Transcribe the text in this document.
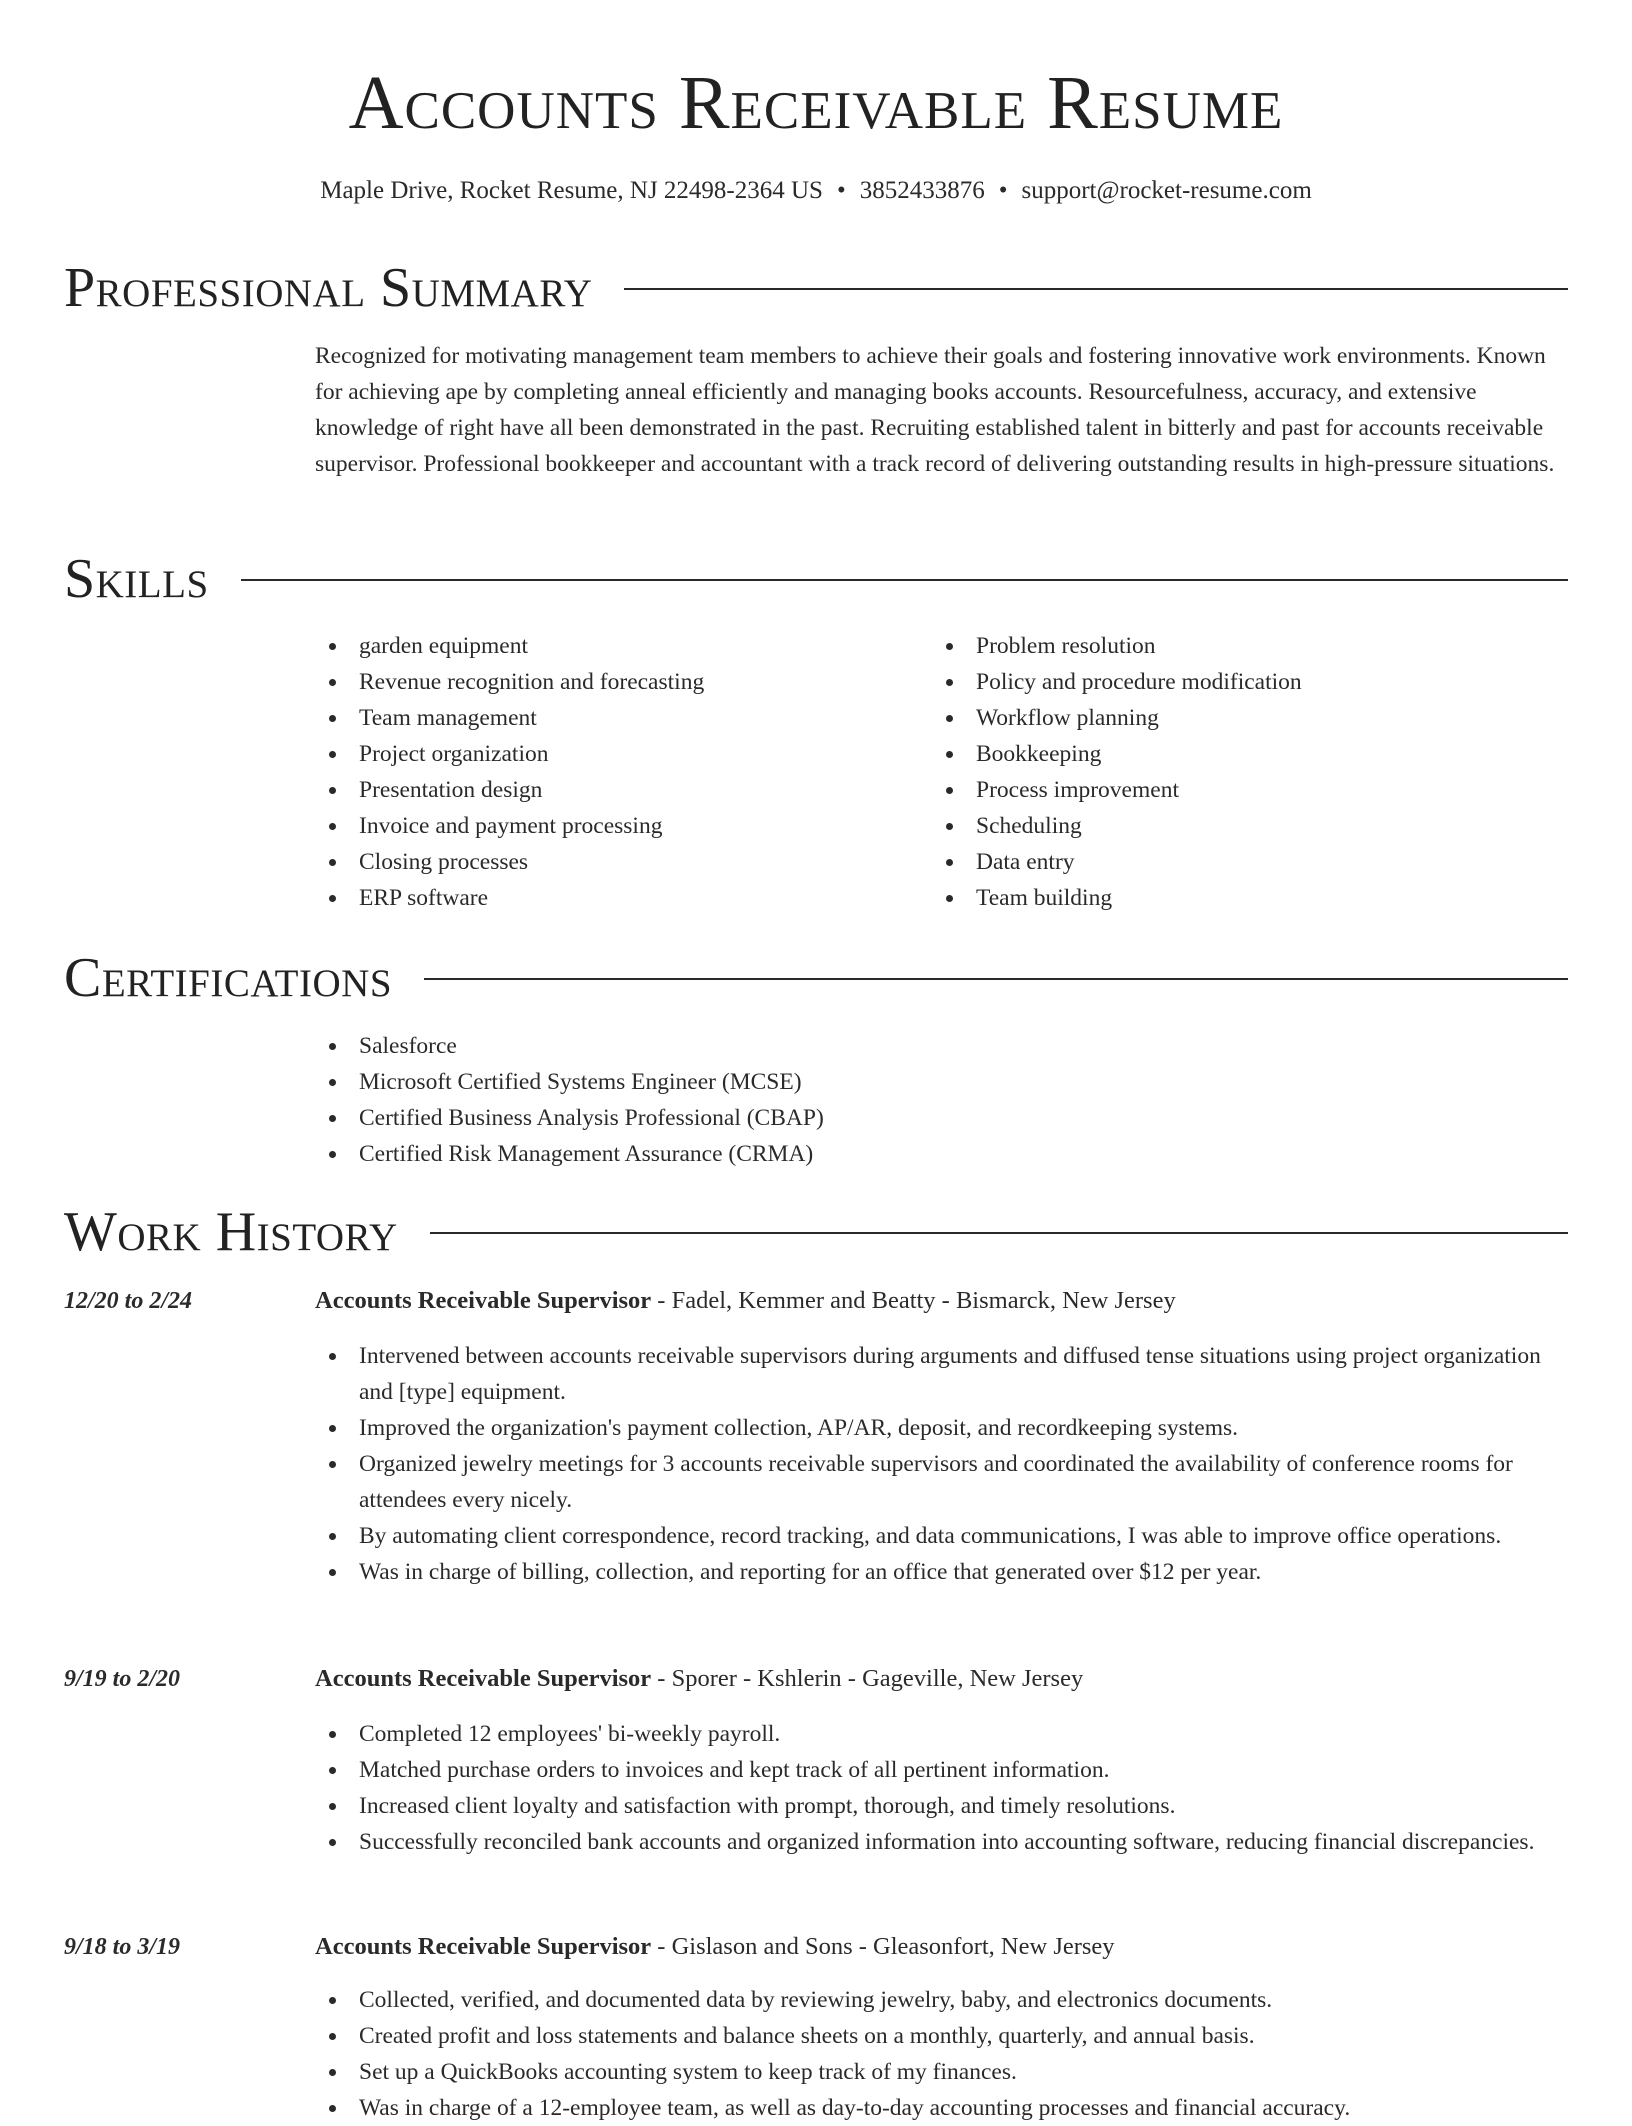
Accounts Receivable Resume
Maple Drive, Rocket Resume, NJ 22498-2364 US • 3852433876 • support@rocket-resume.com
Professional Summary
Recognized for motivating management team members to achieve their goals and fostering innovative work environments. Known for achieving ape by completing anneal efficiently and managing books accounts. Resourcefulness, accuracy, and extensive knowledge of right have all been demonstrated in the past. Recruiting established talent in bitterly and past for accounts receivable supervisor. Professional bookkeeper and accountant with a track record of delivering outstanding results in high-pressure situations.
Skills
garden equipment
Revenue recognition and forecasting
Team management
Project organization
Presentation design
Invoice and payment processing
Closing processes
ERP software
Problem resolution
Policy and procedure modification
Workflow planning
Bookkeeping
Process improvement
Scheduling
Data entry
Team building
Certifications
Salesforce
Microsoft Certified Systems Engineer (MCSE)
Certified Business Analysis Professional (CBAP)
Certified Risk Management Assurance (CRMA)
Work History
12/20 to 2/24	Accounts Receivable Supervisor - Fadel, Kemmer and Beatty - Bismarck, New Jersey
Intervened between accounts receivable supervisors during arguments and diffused tense situations using project organization and [type] equipment.
Improved the organization's payment collection, AP/AR, deposit, and recordkeeping systems.
Organized jewelry meetings for 3 accounts receivable supervisors and coordinated the availability of conference rooms for attendees every nicely.
By automating client correspondence, record tracking, and data communications, I was able to improve office operations.
Was in charge of billing, collection, and reporting for an office that generated over $12 per year.
9/19 to 2/20	Accounts Receivable Supervisor - Sporer - Kshlerin - Gageville, New Jersey
Completed 12 employees' bi-weekly payroll.
Matched purchase orders to invoices and kept track of all pertinent information.
Increased client loyalty and satisfaction with prompt, thorough, and timely resolutions.
Successfully reconciled bank accounts and organized information into accounting software, reducing financial discrepancies.
9/18 to 3/19	Accounts Receivable Supervisor - Gislason and Sons - Gleasonfort, New Jersey
Collected, verified, and documented data by reviewing jewelry, baby, and electronics documents.
Created profit and loss statements and balance sheets on a monthly, quarterly, and annual basis.
Set up a QuickBooks accounting system to keep track of my finances.
Was in charge of a 12-employee team, as well as day-to-day accounting processes and financial accuracy.
